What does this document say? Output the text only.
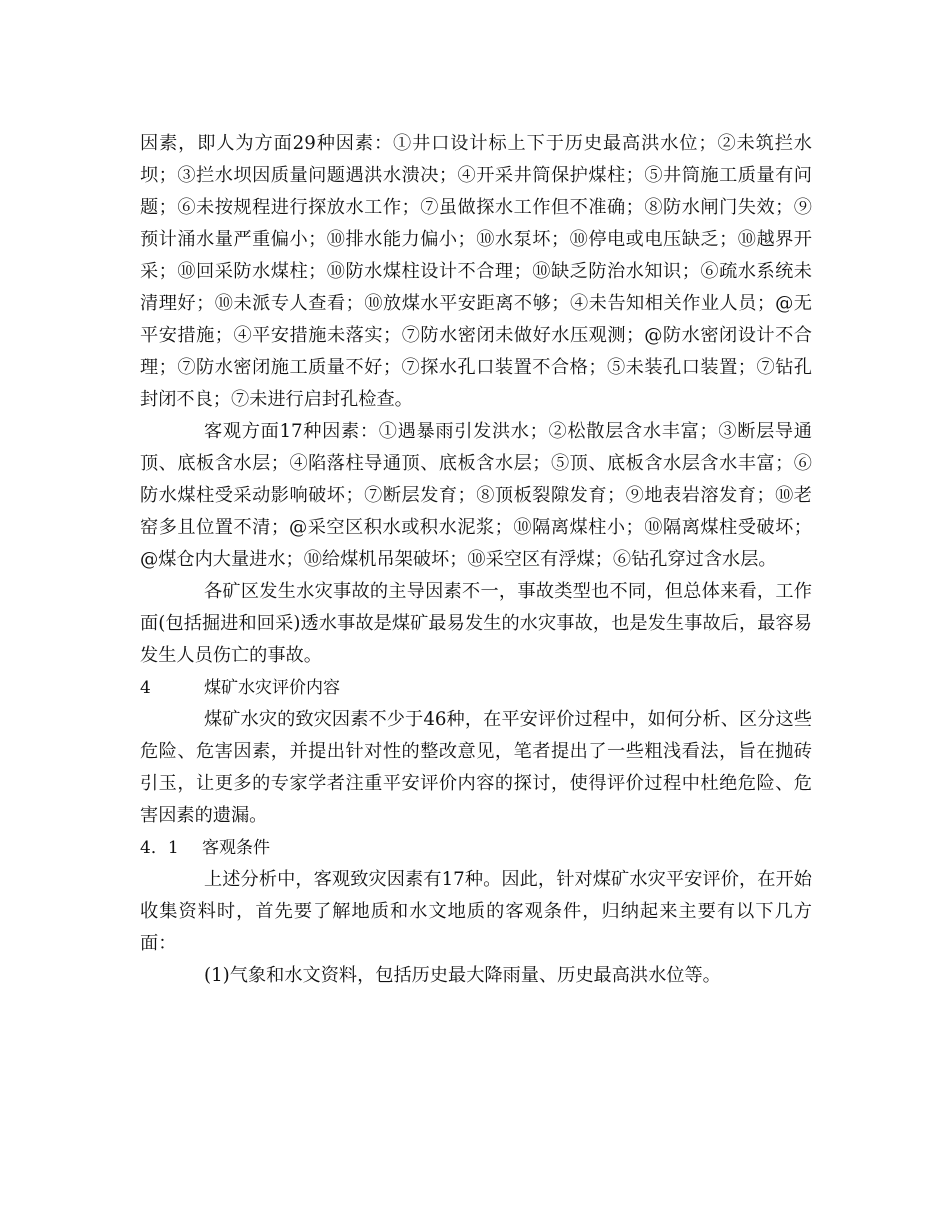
因素，即人为方面29种因素：①井口设计标上下于历史最高洪水位；②未筑拦水坝；③拦水坝因质量问题遇洪水溃决；④开采井筒保护煤柱；⑤井筒施工质量有问题；⑥未按规程进行探放水工作；⑦虽做探水工作但不准确；⑧防水闸门失效；⑨预计涌水量严重偏小；⑩排水能力偏小；⑩水泵坏；⑩停电或电压缺乏；⑩越界开采；⑩回采防水煤柱；⑩防水煤柱设计不合理；⑩缺乏防治水知识；⑥疏水系统未清理好；⑩未派专人查看；⑩放煤水平安距离不够；④未告知相关作业人员；@无平安措施；④平安措施未落实；⑦防水密闭未做好水压观测；@防水密闭设计不合理；⑦防水密闭施工质量不好；⑦探水孔口装置不合格；⑤未装孔口装置；⑦钻孔封闭不良；⑦未进行启封孔检查。

客观方面17种因素：①遇暴雨引发洪水；②松散层含水丰富；③断层导通顶、底板含水层；④陷落柱导通顶、底板含水层；⑤顶、底板含水层含水丰富；⑥防水煤柱受采动影响破坏；⑦断层发育；⑧顶板裂隙发育；⑨地表岩溶发育；⑩老窑多且位置不清；@采空区积水或积水泥浆；⑩隔离煤柱小；⑩隔离煤柱受破坏；@煤仓内大量进水；⑩给煤机吊架破坏；⑩采空区有浮煤；⑥钻孔穿过含水层。

各矿区发生水灾事故的主导因素不一，事故类型也不同，但总体来看，工作面(包括掘进和回采)透水事故是煤矿最易发生的水灾事故，也是发生事故后，最容易发生人员伤亡的事故。

4	煤矿水灾评价内容

煤矿水灾的致灾因素不少于46种，在平安评价过程中，如何分析、区分这些危险、危害因素，并提出针对性的整改意见，笔者提出了一些粗浅看法，旨在抛砖引玉，让更多的专家学者注重平安评价内容的探讨，使得评价过程中杜绝危险、危害因素的遗漏。

4．1 客观条件

上述分析中，客观致灾因素有17种。因此，针对煤矿水灾平安评价，在开始收集资料时，首先要了解地质和水文地质的客观条件，归纳起来主要有以下几方面：

(1)气象和水文资料，包括历史最大降雨量、历史最高洪水位等。
